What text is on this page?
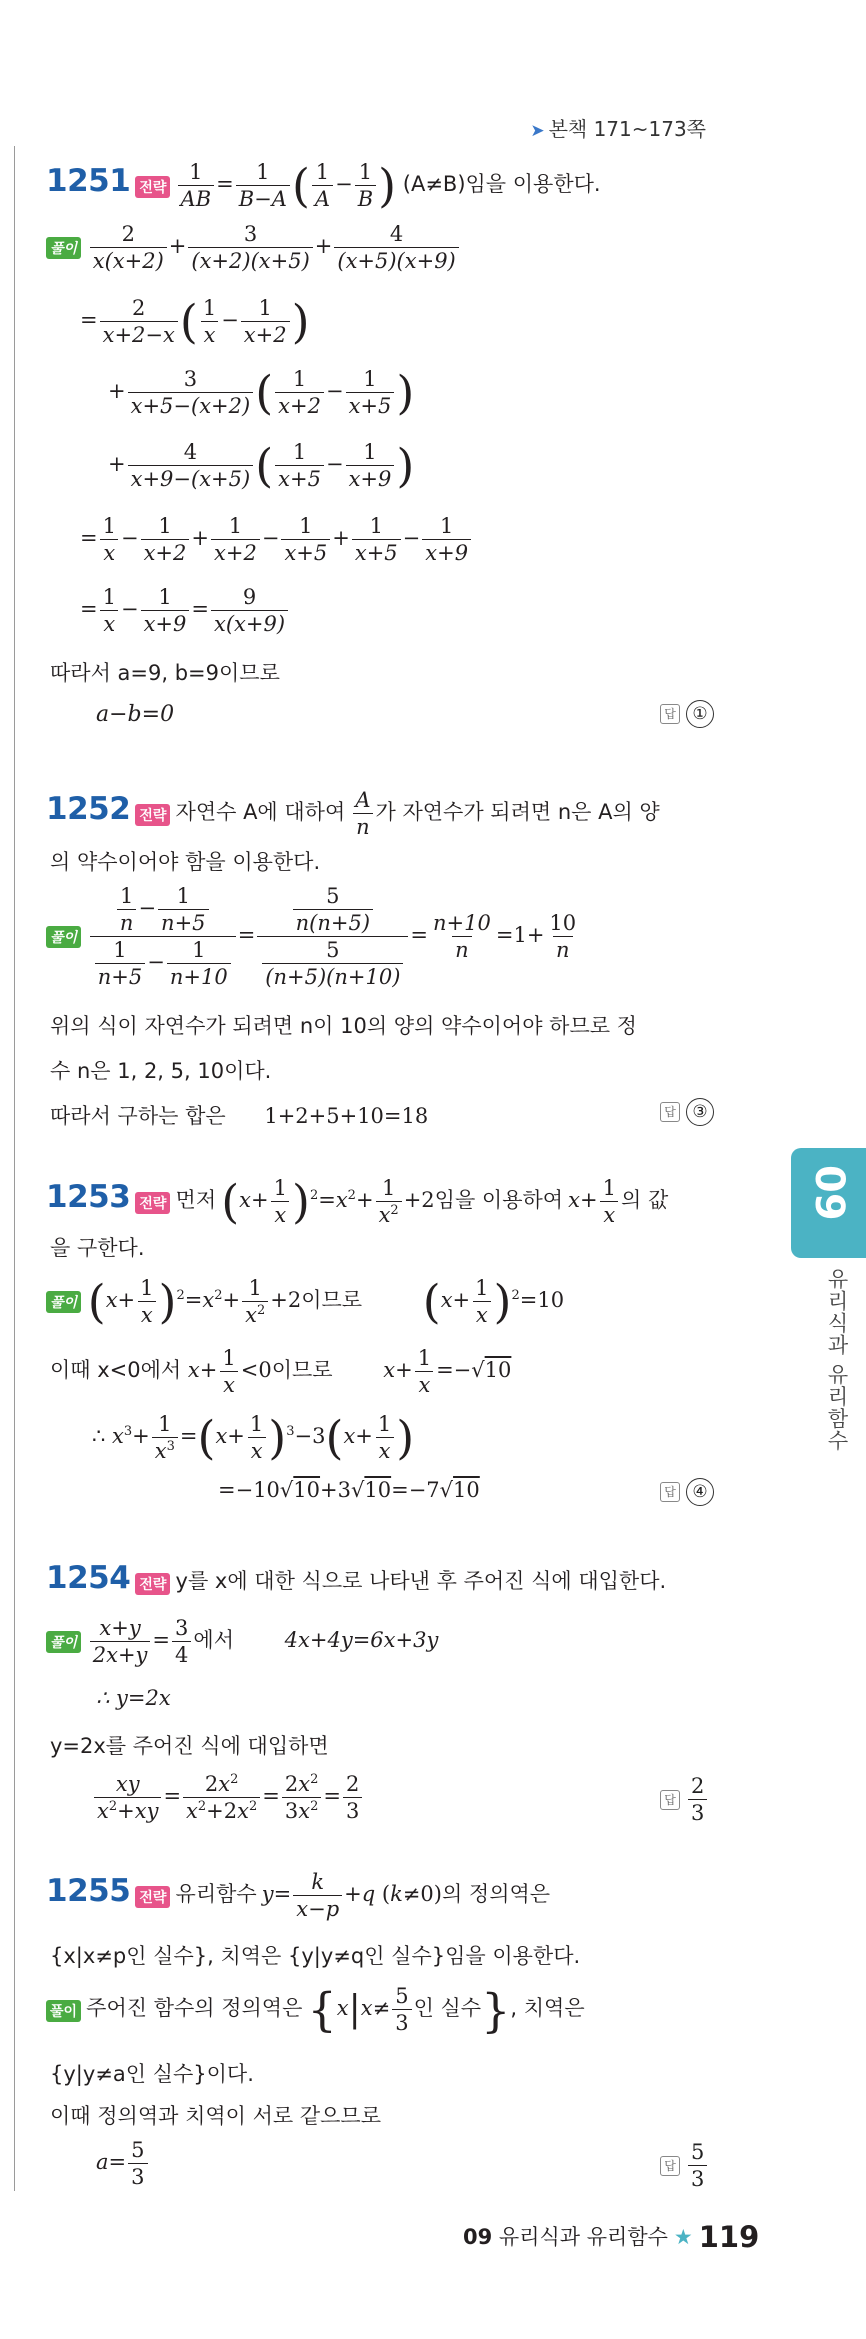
➤ 본책 171~173쪽
1251 전략 $\frac{1}{AB} = \frac{1}{B-A}$ ( $\frac{1}{A} - \frac{1}{B}$ ) (A≠B)임을 이용한다.
풀이 $\frac{2}{x(x+2)} + \frac{3}{(x+2)(x+5)} + \frac{4}{(x+5)(x+9)}$
= $\frac{2}{x+2-x}$ ( $\frac{1}{x} - \frac{1}{x+2}$ )
+ $\frac{3}{x+5-(x+2)}$ ( $\frac{1}{x+2} - \frac{1}{x+5}$ )
+ $\frac{4}{x+9-(x+5)}$ ( $\frac{1}{x+5} - \frac{1}{x+9}$ )
= $\frac{1}{x} - \frac{1}{x+2} + \frac{1}{x+2} - \frac{1}{x+5} + \frac{1}{x+5} - \frac{1}{x+9}$
= $\frac{1}{x} - \frac{1}{x+9} = \frac{9}{x(x+9)}$
따라서 a=9, b=9이므로
a−b=0	답 ①
1252 전략 자연수 A에 대하여 $\frac{A}{n}$ 가 자연수가 되려면 n은 A의 양
의 약수이어야 함을 이용한다.
풀이 $\frac{\frac{1}{n} - \frac{1}{n+5}}{\frac{1}{n+5} - \frac{1}{n+10}} = \frac{\frac{5}{n(n+5)}}{\frac{5}{(n+5)(n+10)}} = \frac{n+10}{n} =1+ \frac{10}{n}$
위의 식이 자연수가 되려면 n이 10의 양의 약수이어야 하므로 정
수 n은 1, 2, 5, 10이다.
따라서 구하는 합은 1+2+5+10=18	답 ③
1253 전략 먼저 $(x+ \frac{1}{x} )^2=x^2+ \frac{1}{x^2} +2$임을 이용하여 $x+ \frac{1}{x}$ 의 값
을 구한다.
풀이 $(x+ \frac{1}{x} )^2=x^2+ \frac{1}{x^2} +2$이므로 $(x+ \frac{1}{x} )^2=10$
이때 x<0에서 $x+ \frac{1}{x} <0$이므로 $x+ \frac{1}{x} =-√10$
∴ $x^3+ \frac{1}{x^3} =(x+ \frac{1}{x} )^3-3(x+ \frac{1}{x}$ )
=−10√10+3√10=−7√10	답 ④
1254 전략 y를 x에 대한 식으로 나타낸 후 주어진 식에 대입한다.
풀이 $\frac{x+y}{2x+y} = \frac{3}{4}$ 에서 4x+4y=6x+3y
∴ y=2x
y=2x를 주어진 식에 대입하면
$\frac{xy}{x^2+xy} = \frac{2x^2}{x^2+2x^2} = \frac{2x^2}{3x^2} = \frac{2}{3}$	답 $\frac{2}{3}$
1255 전략 유리함수 $y= \frac{k}{x-p} +q$ (k≠0)의 정의역은
{x|x≠p인 실수}, 치역은 {y|y≠q인 실수}임을 이용한다.
풀이 주어진 함수의 정의역은 {$x|x\ne \frac{5}{3}$ 인 실수}, 치역은
{y|y≠a인 실수}이다.
이때 정의역과 치역이 서로 같으므로
$a= \frac{5}{3}$	답 $\frac{5}{3}$
09
유리식과 유리함수
09 유리식과 유리함수 ★ 119
